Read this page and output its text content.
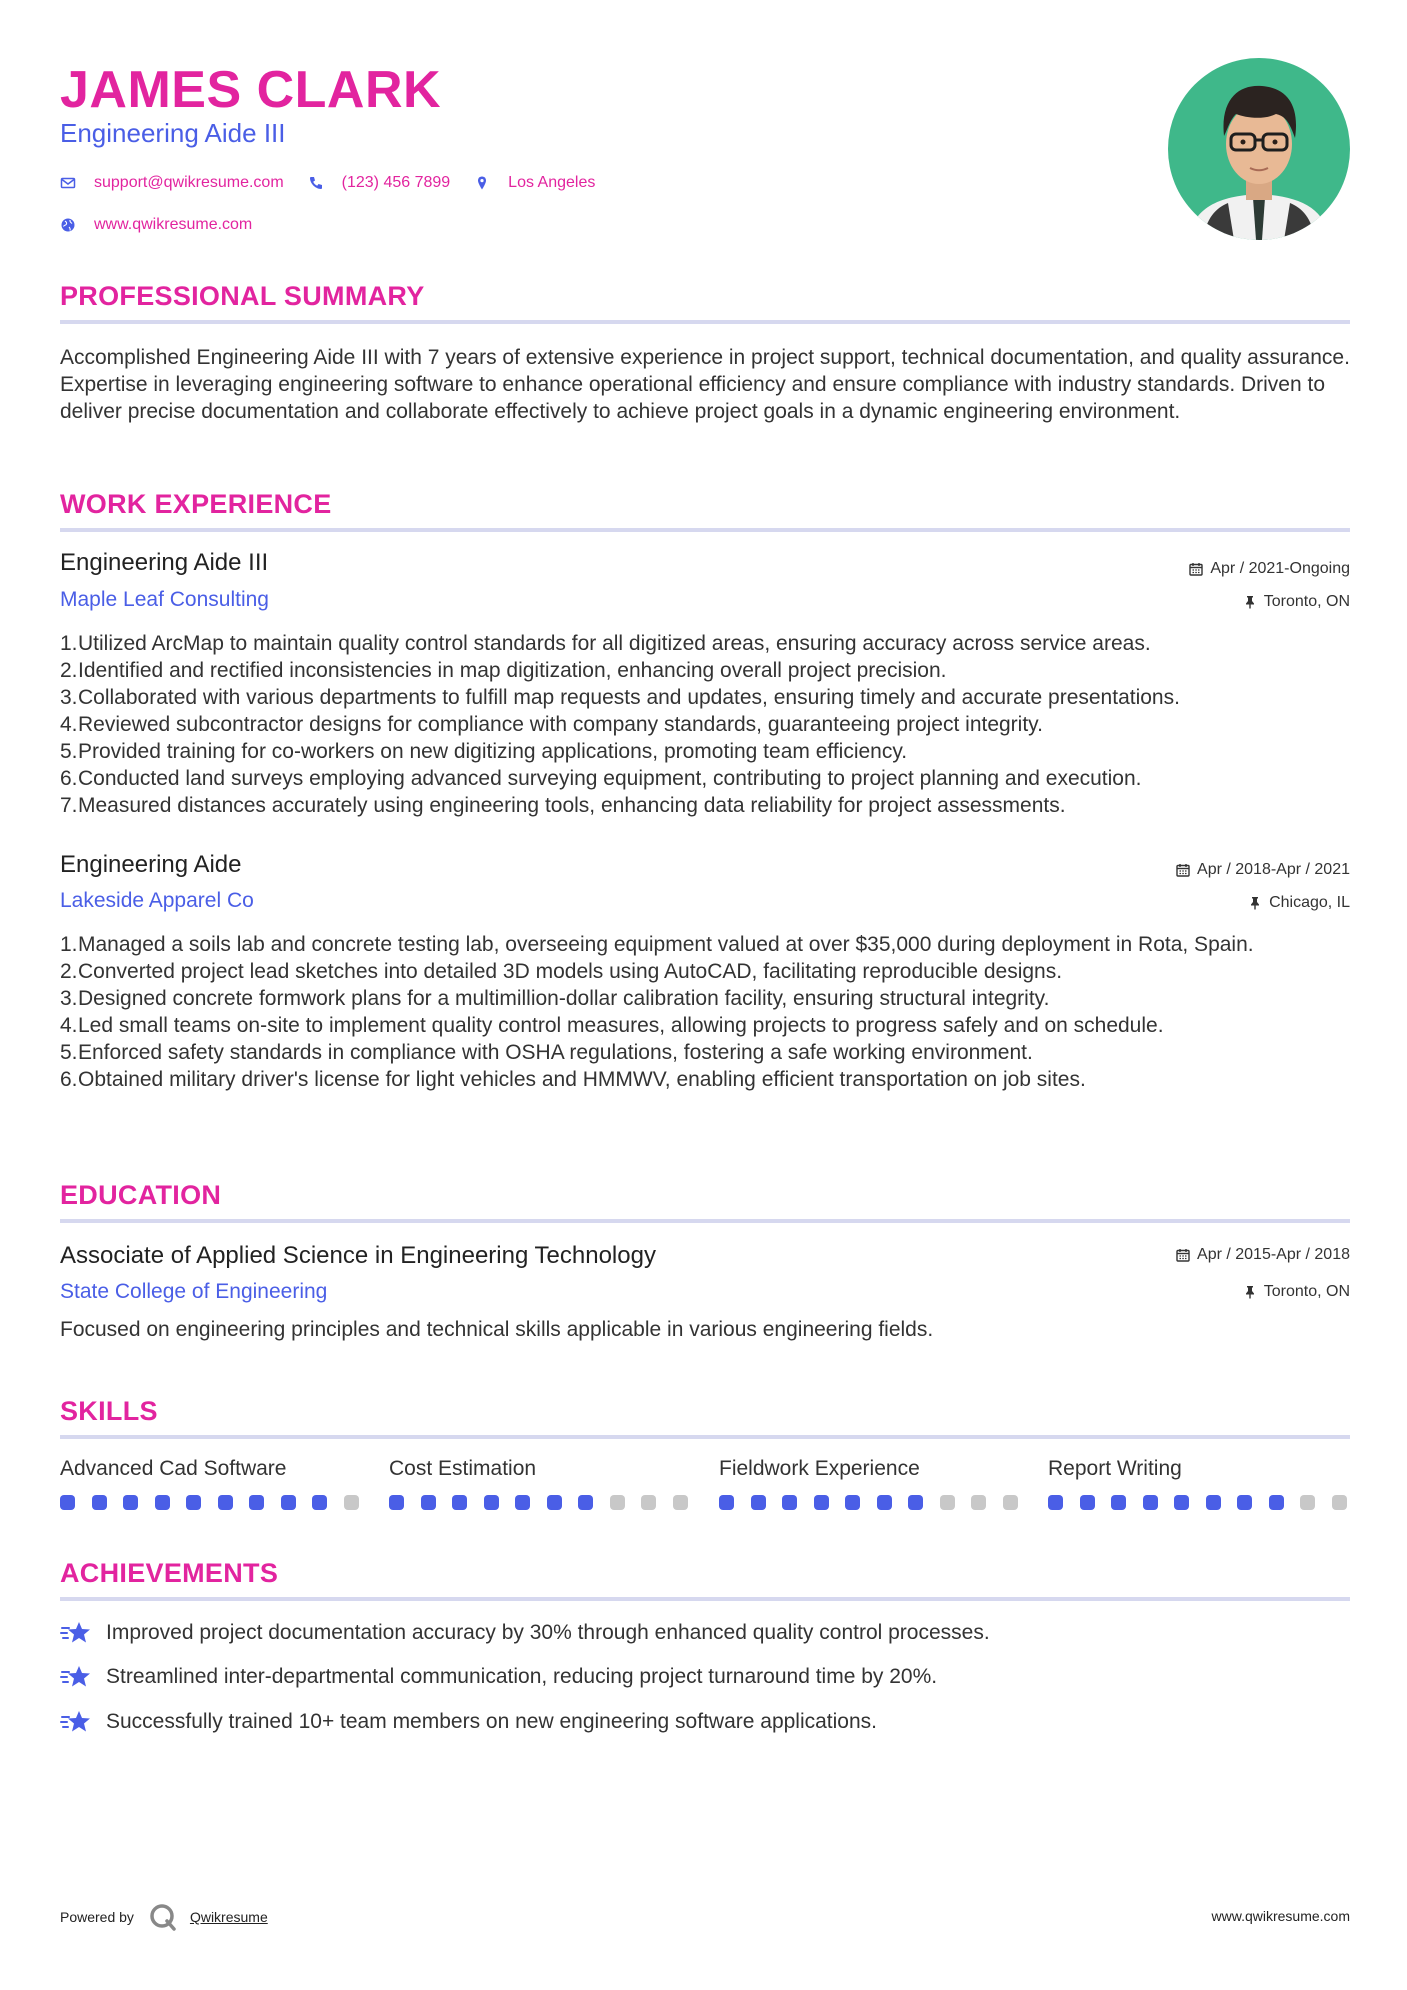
JAMES CLARK
Engineering Aide III
support@qwikresume.com	(123) 456 7899	Los Angeles
www.qwikresume.com
PROFESSIONAL SUMMARY
Accomplished Engineering Aide III with 7 years of extensive experience in project support, technical documentation, and quality assurance. Expertise in leveraging engineering software to enhance operational efficiency and ensure compliance with industry standards. Driven to deliver precise documentation and collaborate effectively to achieve project goals in a dynamic engineering environment.
WORK EXPERIENCE
Engineering Aide III	Apr / 2021-Ongoing
Maple Leaf Consulting	Toronto, ON
1. Utilized ArcMap to maintain quality control standards for all digitized areas, ensuring accuracy across service areas.
2. Identified and rectified inconsistencies in map digitization, enhancing overall project precision.
3. Collaborated with various departments to fulfill map requests and updates, ensuring timely and accurate presentations.
4. Reviewed subcontractor designs for compliance with company standards, guaranteeing project integrity.
5. Provided training for co-workers on new digitizing applications, promoting team efficiency.
6. Conducted land surveys employing advanced surveying equipment, contributing to project planning and execution.
7. Measured distances accurately using engineering tools, enhancing data reliability for project assessments.
Engineering Aide	Apr / 2018-Apr / 2021
Lakeside Apparel Co	Chicago, IL
1. Managed a soils lab and concrete testing lab, overseeing equipment valued at over $35,000 during deployment in Rota, Spain.
2. Converted project lead sketches into detailed 3D models using AutoCAD, facilitating reproducible designs.
3. Designed concrete formwork plans for a multimillion-dollar calibration facility, ensuring structural integrity.
4. Led small teams on-site to implement quality control measures, allowing projects to progress safely and on schedule.
5. Enforced safety standards in compliance with OSHA regulations, fostering a safe working environment.
6. Obtained military driver's license for light vehicles and HMMWV, enabling efficient transportation on job sites.
EDUCATION
Associate of Applied Science in Engineering Technology	Apr / 2015-Apr / 2018
State College of Engineering	Toronto, ON
Focused on engineering principles and technical skills applicable in various engineering fields.
SKILLS
Advanced Cad Software	Cost Estimation	Fieldwork Experience	Report Writing
ACHIEVEMENTS
Improved project documentation accuracy by 30% through enhanced quality control processes.
Streamlined inter-departmental communication, reducing project turnaround time by 20%.
Successfully trained 10+ team members on new engineering software applications.
Powered by	Qwikresume	www.qwikresume.com
